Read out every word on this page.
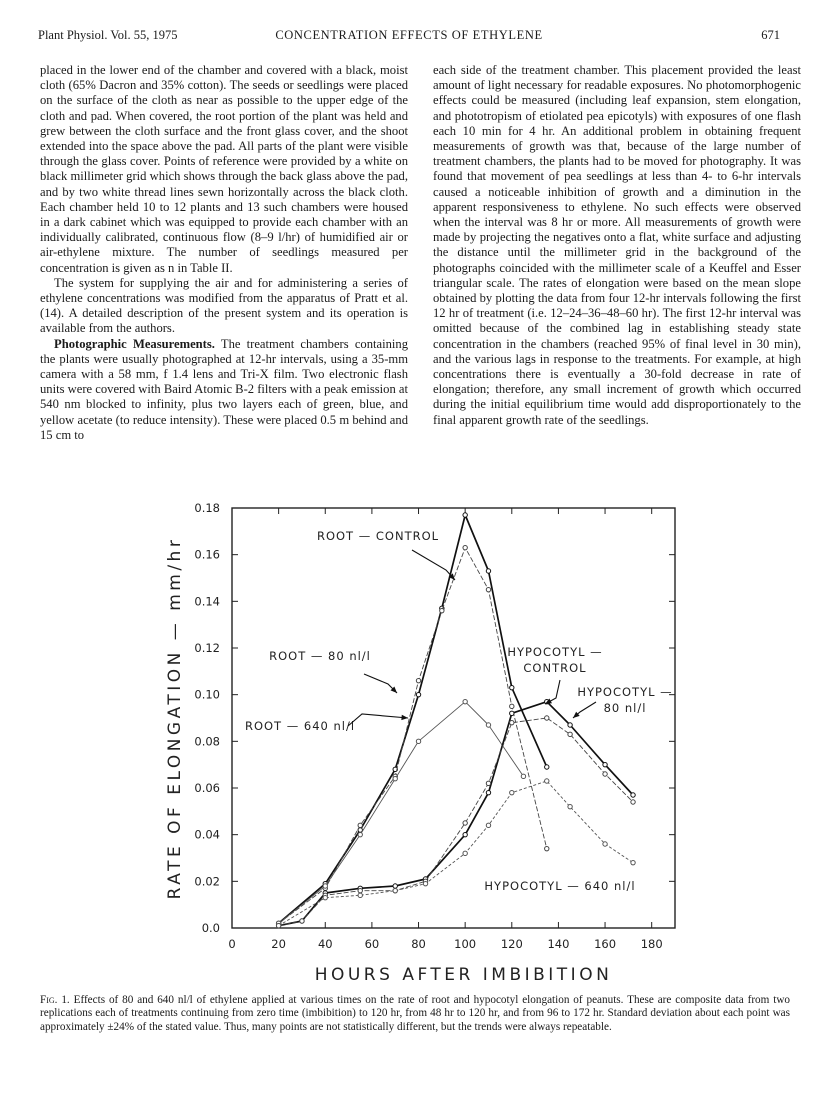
Plant Physiol. Vol. 55, 1975	CONCENTRATION EFFECTS OF ETHYLENE	671

placed in the lower end of the chamber and covered with a black, moist cloth (65% Dacron and 35% cotton). The seeds or seedlings were placed on the surface of the cloth as near as possible to the upper edge of the cloth and pad. When covered, the root portion of the plant was held and grew between the cloth surface and the front glass cover, and the shoot extended into the space above the pad. All parts of the plant were visible through the glass cover. Points of reference were provided by a white on black millimeter grid which shows through the back glass above the pad, and by two white thread lines sewn horizontally across the black cloth. Each chamber held 10 to 12 plants and 13 such chambers were housed in a dark cabinet which was equipped to provide each chamber with an individually calibrated, continuous flow (8–9 l/hr) of humidified air or air-ethylene mixture. The number of seedlings measured per concentration is given as n in Table II.

The system for supplying the air and for administering a series of ethylene concentrations was modified from the apparatus of Pratt et al. (14). A detailed description of the present system and its operation is available from the authors.

Photographic Measurements. The treatment chambers containing the plants were usually photographed at 12-hr intervals, using a 35-mm camera with a 58 mm, f 1.4 lens and Tri-X film. Two electronic flash units were covered with Baird Atomic B-2 filters with a peak emission at 540 nm blocked to infinity, plus two layers each of green, blue, and yellow acetate (to reduce intensity). These were placed 0.5 m behind and 15 cm to

each side of the treatment chamber. This placement provided the least amount of light necessary for readable exposures. No photomorphogenic effects could be measured (including leaf expansion, stem elongation, and phototropism of etiolated pea epicotyls) with exposures of one flash each 10 min for 4 hr. An additional problem in obtaining frequent measurements of growth was that, because of the large number of treatment chambers, the plants had to be moved for photography. It was found that movement of pea seedlings at less than 4- to 6-hr intervals caused a noticeable inhibition of growth and a diminution in the apparent responsiveness to ethylene. No such effects were observed when the interval was 8 hr or more. All measurements of growth were made by projecting the negatives onto a flat, white surface and adjusting the distance until the millimeter grid in the background of the photographs coincided with the millimeter scale of a Keuffel and Esser triangular scale. The rates of elongation were based on the mean slope obtained by plotting the data from four 12-hr intervals following the first 12 hr of treatment (i.e. 12–24–36–48–60 hr). The first 12-hr interval was omitted because of the combined lag in establishing steady state concentration in the chambers (reached 95% of final level in 30 min), and the various lags in response to the treatments. For example, at high concentrations there is eventually a 30-fold decrease in rate of elongation; therefore, any small increment of growth which occurred during the initial equilibrium time would add disproportionately to the final apparent growth rate of the seedlings.

0	20	40	60	80 100 120 140 160 180
0.0
0.02
0.04
0.06
0.08
0.10
0.12
0.14
0.16
0.18
HOURS AFTER IMBIBITION
RATE OF ELONGATION — mm/hr
ROOT — CONTROL
ROOT — 80 nl/l
ROOT — 640 nl/l
HYPOCOTYL — CONTROL
HYPOCOTYL — 80 nl/l
HYPOCOTYL — 640 nl/l
Fig. 1. Effects of 80 and 640 nl/l of ethylene applied at various times on the rate of root and hypocotyl elongation of peanuts. These are composite data from two replications each of treatments continuing from zero time (imbibition) to 120 hr, from 48 hr to 120 hr, and from 96 to 172 hr. Standard deviation about each point was approximately ±24% of the stated value. Thus, many points are not statistically different, but the trends were always repeatable.
